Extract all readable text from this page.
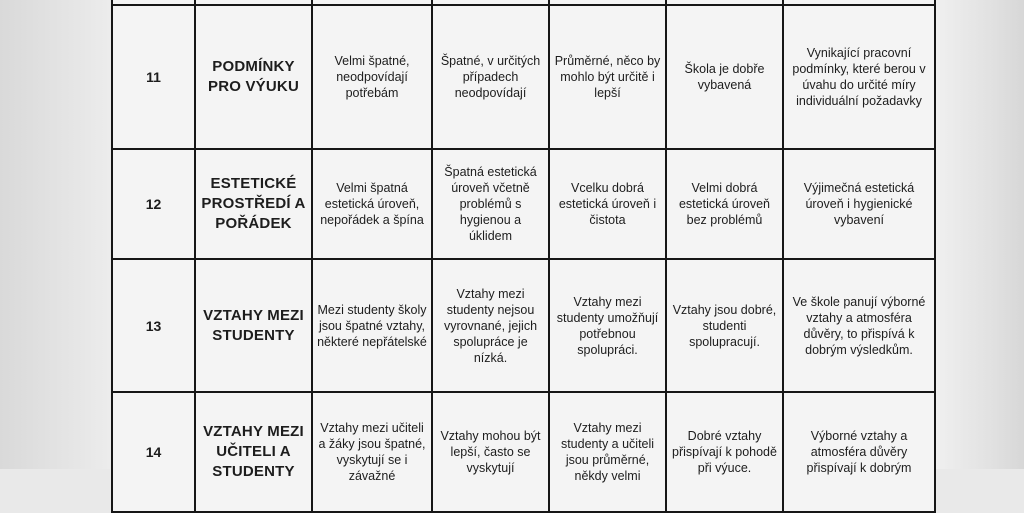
11	PODMÍNKY PRO VÝUKU	Velmi špatné, neodpovídají potřebám	Špatné, v určitých případech neodpovídají	Průměrné, něco by mohlo být určitě i lepší	Škola je dobře vybavená	Vynikající pracovní podmínky, které berou v úvahu do určité míry individuální požadavky
12	ESTETICKÉ PROSTŘEDÍ A POŘÁDEK	Velmi špatná estetická úroveň, nepořádek a špína	Špatná estetická úroveň včetně problémů s hygienou a úklidem	Vcelku dobrá estetická úroveň i čistota	Velmi dobrá estetická úroveň bez problémů	Výjimečná estetická úroveň i hygienické vybavení
13	VZTAHY MEZI STUDENTY	Mezi studenty školy jsou špatné vztahy, některé nepřátelské	Vztahy mezi studenty nejsou vyrovnané, jejich spolupráce je nízká.	Vztahy mezi studenty umožňují potřebnou spolupráci.	Vztahy jsou dobré, studenti spolupracují.	Ve škole panují výborné vztahy a atmosféra důvěry, to přispívá k dobrým výsledkům.
14	VZTAHY MEZI UČITELI A STUDENTY	Vztahy mezi učiteli a žáky jsou špatné, vyskytují se i závažné	Vztahy mohou být lepší, často se vyskytují	Vztahy mezi studenty a učiteli jsou průměrné, někdy velmi	Dobré vztahy přispívají k pohodě při výuce.	Výborné vztahy a atmosféra důvěry přispívají k dobrým
